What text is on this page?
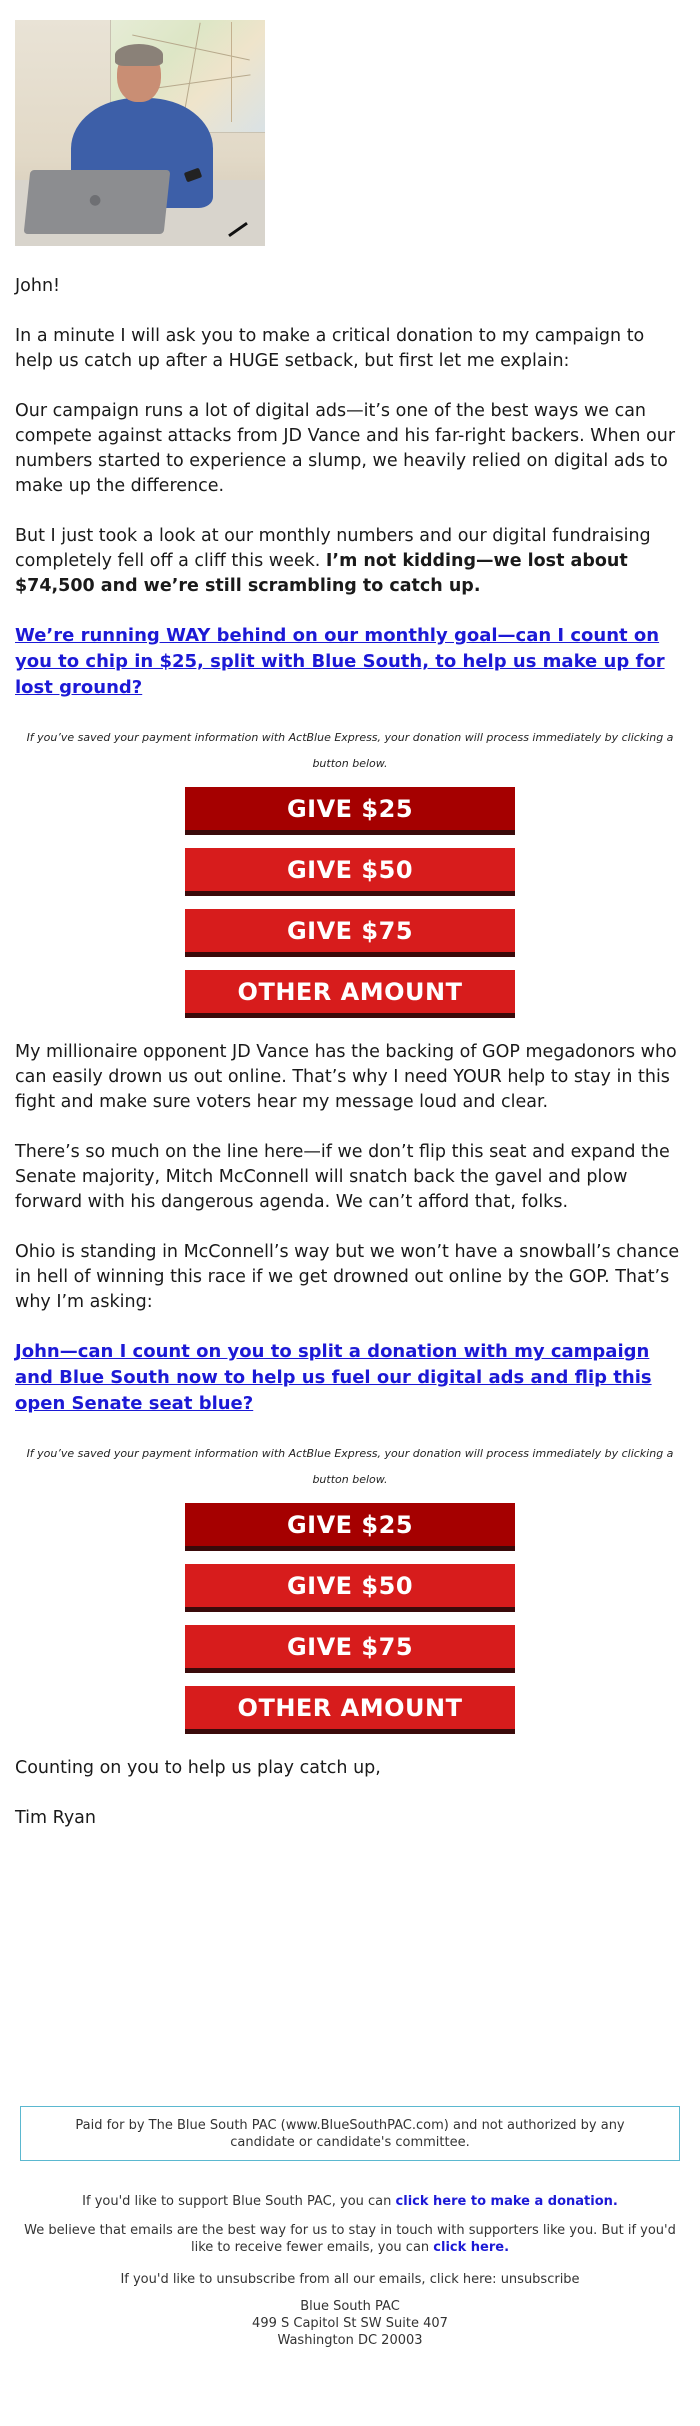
●

John!

In a minute I will ask you to make a critical donation to my campaign to help us catch up after a HUGE setback, but first let me explain:

Our campaign runs a lot of digital ads—it’s one of the best ways we can compete against attacks from JD Vance and his far-right backers. When our numbers started to experience a slump, we heavily relied on digital ads to make up the difference.

But I just took a look at our monthly numbers and our digital fundraising completely fell off a cliff this week. I’m not kidding—we lost about $74,500 and we’re still scrambling to catch up.

We’re running WAY behind on our monthly goal—can I count on you to chip in $25, split with Blue South, to help us make up for lost ground?

If you’ve saved your payment information with ActBlue Express, your donation will process immediately by clicking a button below.
GIVE $25
GIVE $50
GIVE $75
OTHER AMOUNT

My millionaire opponent JD Vance has the backing of GOP megadonors who can easily drown us out online. That’s why I need YOUR help to stay in this fight and make sure voters hear my message loud and clear.

There’s so much on the line here—if we don’t flip this seat and expand the Senate majority, Mitch McConnell will snatch back the gavel and plow forward with his dangerous agenda. We can’t afford that, folks.

Ohio is standing in McConnell’s way but we won’t have a snowball’s chance in hell of winning this race if we get drowned out online by the GOP. That’s why I’m asking:

John—can I count on you to split a donation with my campaign and Blue South now to help us fuel our digital ads and flip this open Senate seat blue?

If you’ve saved your payment information with ActBlue Express, your donation will process immediately by clicking a button below.
GIVE $25
GIVE $50
GIVE $75
OTHER AMOUNT

Counting on you to help us play catch up,

Tim Ryan

Paid for by The Blue South PAC (www.BlueSouthPAC.com) and not authorized by any candidate or candidate's committee.
If you'd like to support Blue South PAC, you can click here to make a donation.
We believe that emails are the best way for us to stay in touch with supporters like you. But if you'd like to receive fewer emails, you can click here.
If you'd like to unsubscribe from all our emails, click here: unsubscribe
Blue South PAC
499 S Capitol St SW Suite 407
Washington DC 20003
